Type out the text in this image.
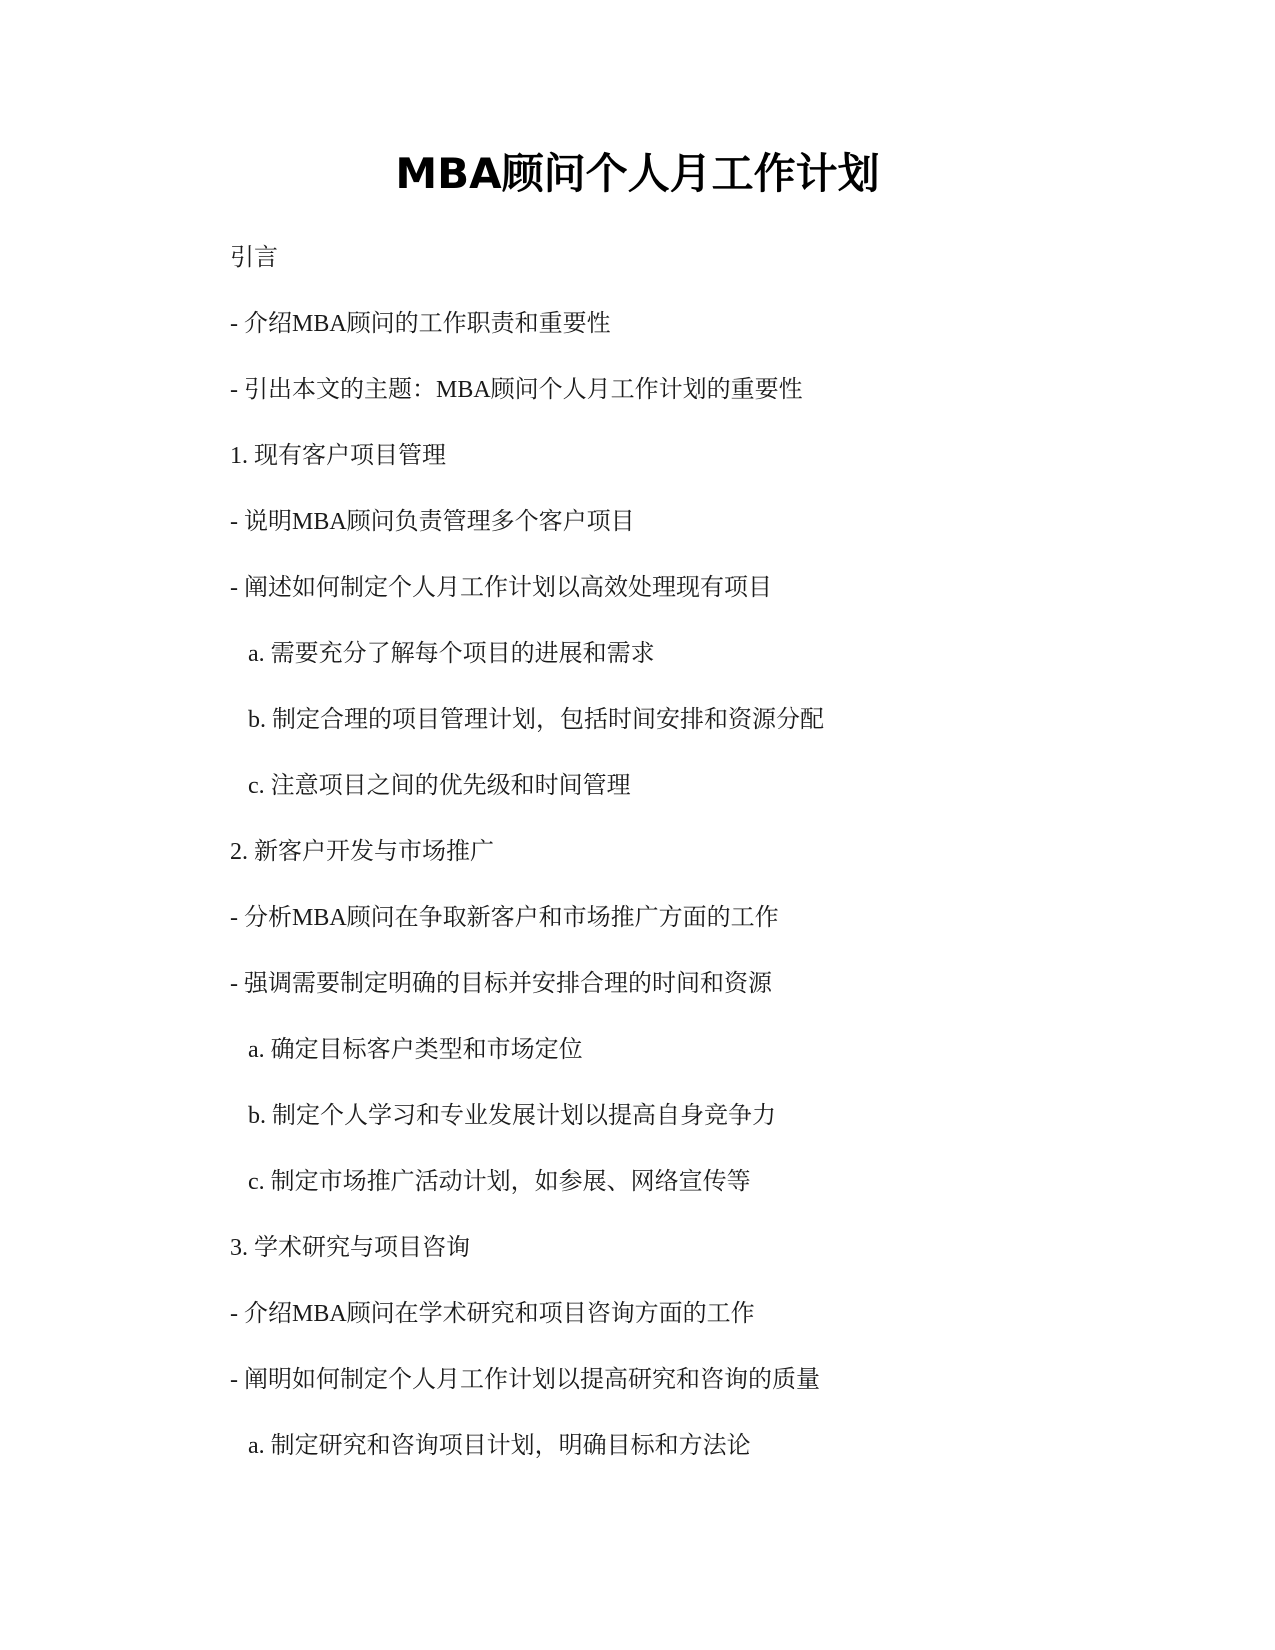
MBA顾问个人月工作计划
引言
- 介绍MBA顾问的工作职责和重要性
- 引出本文的主题：MBA顾问个人月工作计划的重要性
1. 现有客户项目管理
- 说明MBA顾问负责管理多个客户项目
- 阐述如何制定个人月工作计划以高效处理现有项目
a. 需要充分了解每个项目的进展和需求
b. 制定合理的项目管理计划，包括时间安排和资源分配
c. 注意项目之间的优先级和时间管理
2. 新客户开发与市场推广
- 分析MBA顾问在争取新客户和市场推广方面的工作
- 强调需要制定明确的目标并安排合理的时间和资源
a. 确定目标客户类型和市场定位
b. 制定个人学习和专业发展计划以提高自身竞争力
c. 制定市场推广活动计划，如参展、网络宣传等
3. 学术研究与项目咨询
- 介绍MBA顾问在学术研究和项目咨询方面的工作
- 阐明如何制定个人月工作计划以提高研究和咨询的质量
a. 制定研究和咨询项目计划，明确目标和方法论
